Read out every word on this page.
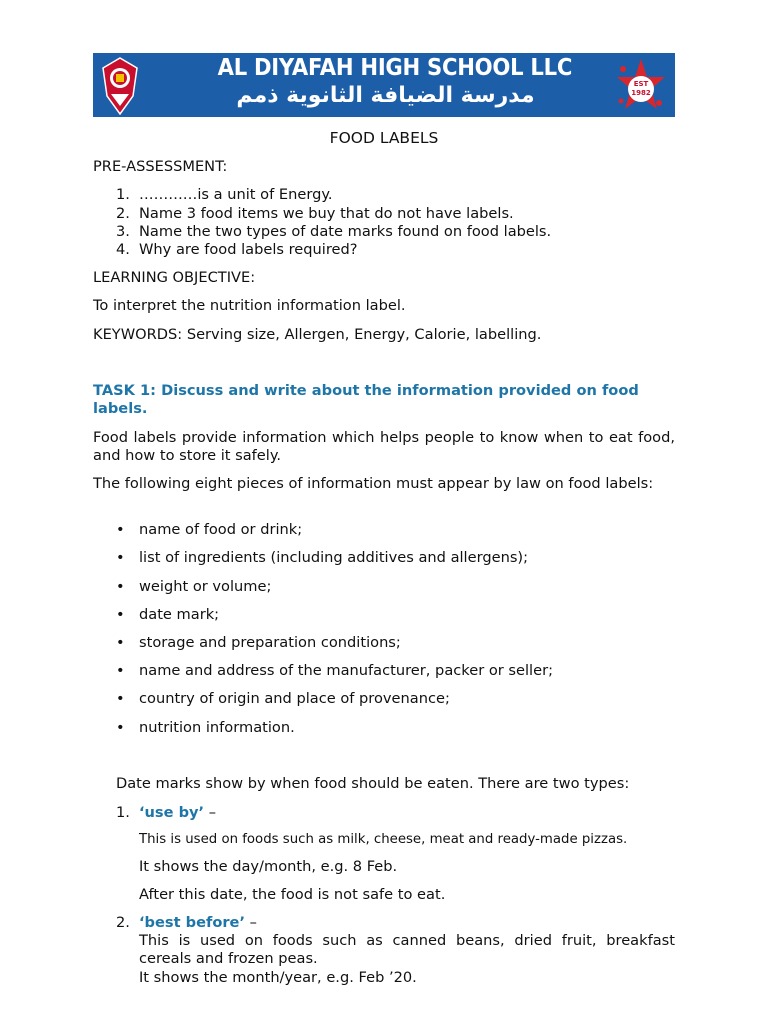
AL DIYAFAH HIGH SCHOOL LLC
مدرسة الضيافة الثانوية ذمم	EST 1982
FOOD LABELS
PRE-ASSESSMENT:
1. …………is a unit of Energy.
2. Name 3 food items we buy that do not have labels.
3. Name the two types of date marks found on food labels.
4. Why are food labels required?
LEARNING OBJECTIVE:
To interpret the nutrition information label.
KEYWORDS: Serving size, Allergen, Energy, Calorie, labelling.
TASK 1: Discuss and write about the information provided on food labels.
Food labels provide information which helps people to know when to eat food, and how to store it safely.
The following eight pieces of information must appear by law on food labels:
• name of food or drink;
• list of ingredients (including additives and allergens);
• weight or volume;
• date mark;
• storage and preparation conditions;
• name and address of the manufacturer, packer or seller;
• country of origin and place of provenance;
• nutrition information.
Date marks show by when food should be eaten. There are two types:
1. ‘use by’ –
This is used on foods such as milk, cheese, meat and ready-made pizzas.
It shows the day/month, e.g. 8 Feb.
After this date, the food is not safe to eat.
2. ‘best before’ –
This is used on foods such as canned beans, dried fruit, breakfast cereals and frozen peas.
It shows the month/year, e.g. Feb ’20.
